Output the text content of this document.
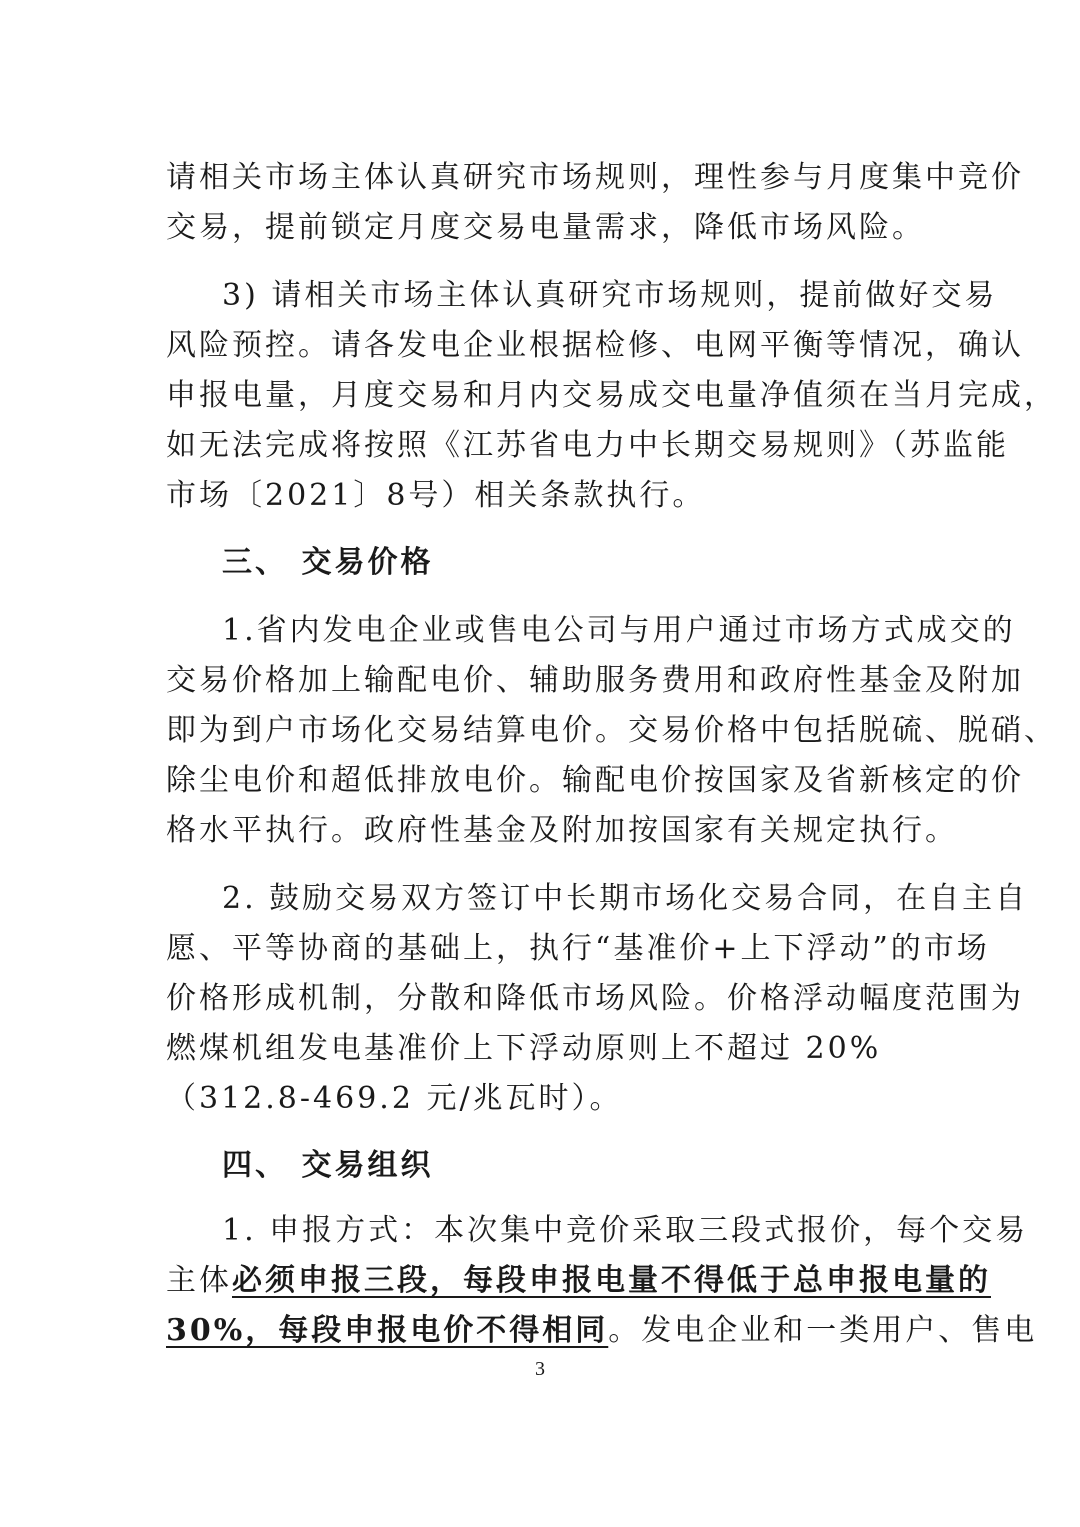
请相关市场主体认真研究市场规则，理性参与月度集中竞价
交易，提前锁定月度交易电量需求，降低市场风险。
3) 请相关市场主体认真研究市场规则，提前做好交易
风险预控。请各发电企业根据检修、电网平衡等情况，确认
申报电量，月度交易和月内交易成交电量净值须在当月完成，
如无法完成将按照《江苏省电力中长期交易规则》（苏监能
市场〔2021〕8号）相关条款执行。
三、 交易价格
1.省内发电企业或售电公司与用户通过市场方式成交的
交易价格加上输配电价、辅助服务费用和政府性基金及附加
即为到户市场化交易结算电价。交易价格中包括脱硫、脱硝、
除尘电价和超低排放电价。输配电价按国家及省新核定的价
格水平执行。政府性基金及附加按国家有关规定执行。
2. 鼓励交易双方签订中长期市场化交易合同，在自主自
愿、平等协商的基础上，执行“基准价+上下浮动”的市场
价格形成机制，分散和降低市场风险。价格浮动幅度范围为
燃煤机组发电基准价上下浮动原则上不超过 20%
（312.8-469.2 元/兆瓦时）。
四、 交易组织
1. 申报方式：本次集中竞价采取三段式报价，每个交易
主体必须申报三段，每段申报电量不得低于总申报电量的
30%，每段申报电价不得相同。发电企业和一类用户、售电
3
